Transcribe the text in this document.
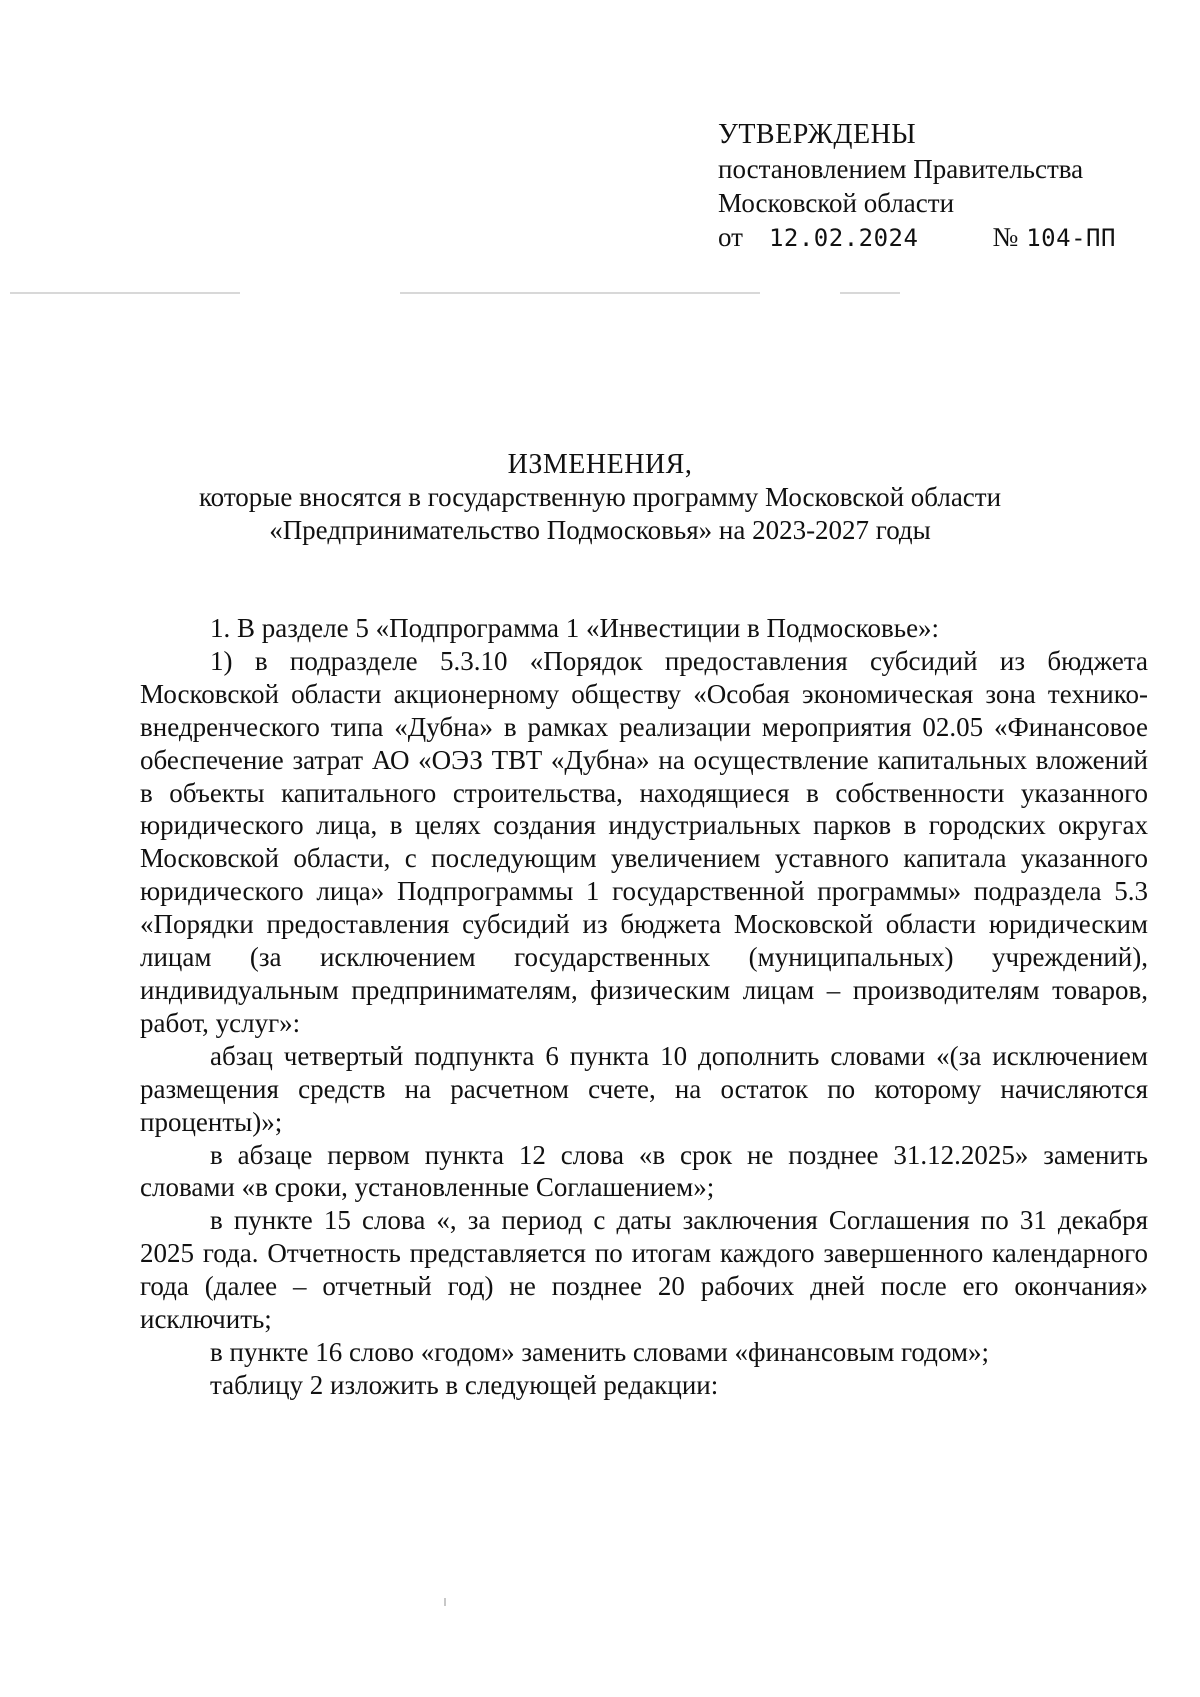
УТВЕРЖДЕНЫ
постановлением Правительства
Московской области
от 12.02.2024	№ 104-ПП
ИЗМЕНЕНИЯ,
которые вносятся в государственную программу Московской области
«Предпринимательство Подмосковья» на 2023-2027 годы

1. В разделе 5 «Подпрограмма 1 «Инвестиции в Подмосковье»:

1) в подразделе 5.3.10 «Порядок предоставления субсидий из бюджета Московской области акционерному обществу «Особая экономическая зона технико-внедренческого типа «Дубна» в рамках реализации мероприятия 02.05 «Финансовое обеспечение затрат АО «ОЭЗ ТВТ «Дубна» на осуществление капитальных вложений в объекты капитального строительства, находящиеся в собственности указанного юридического лица, в целях создания индустриальных парков в городских округах Московской области, с последующим увеличением уставного капитала указанного юридического лица» Подпрограммы 1 государственной программы» подраздела 5.3 «Порядки предоставления субсидий из бюджета Московской области юридическим лицам (за исключением государственных (муниципальных) учреждений), индивидуальным предпринимателям, физическим лицам – производителям товаров, работ, услуг»:

абзац четвертый подпункта 6 пункта 10 дополнить словами «(за исключением размещения средств на расчетном счете, на остаток по которому начисляются проценты)»;

в абзаце первом пункта 12 слова «в срок не позднее 31.12.2025» заменить словами «в сроки, установленные Соглашением»;

в пункте 15 слова «, за период с даты заключения Соглашения по 31 декабря 2025 года. Отчетность представляется по итогам каждого завершенного календарного года (далее – отчетный год) не позднее 20 рабочих дней после его окончания» исключить;

в пункте 16 слово «годом» заменить словами «финансовым годом»;

таблицу 2 изложить в следующей редакции:
